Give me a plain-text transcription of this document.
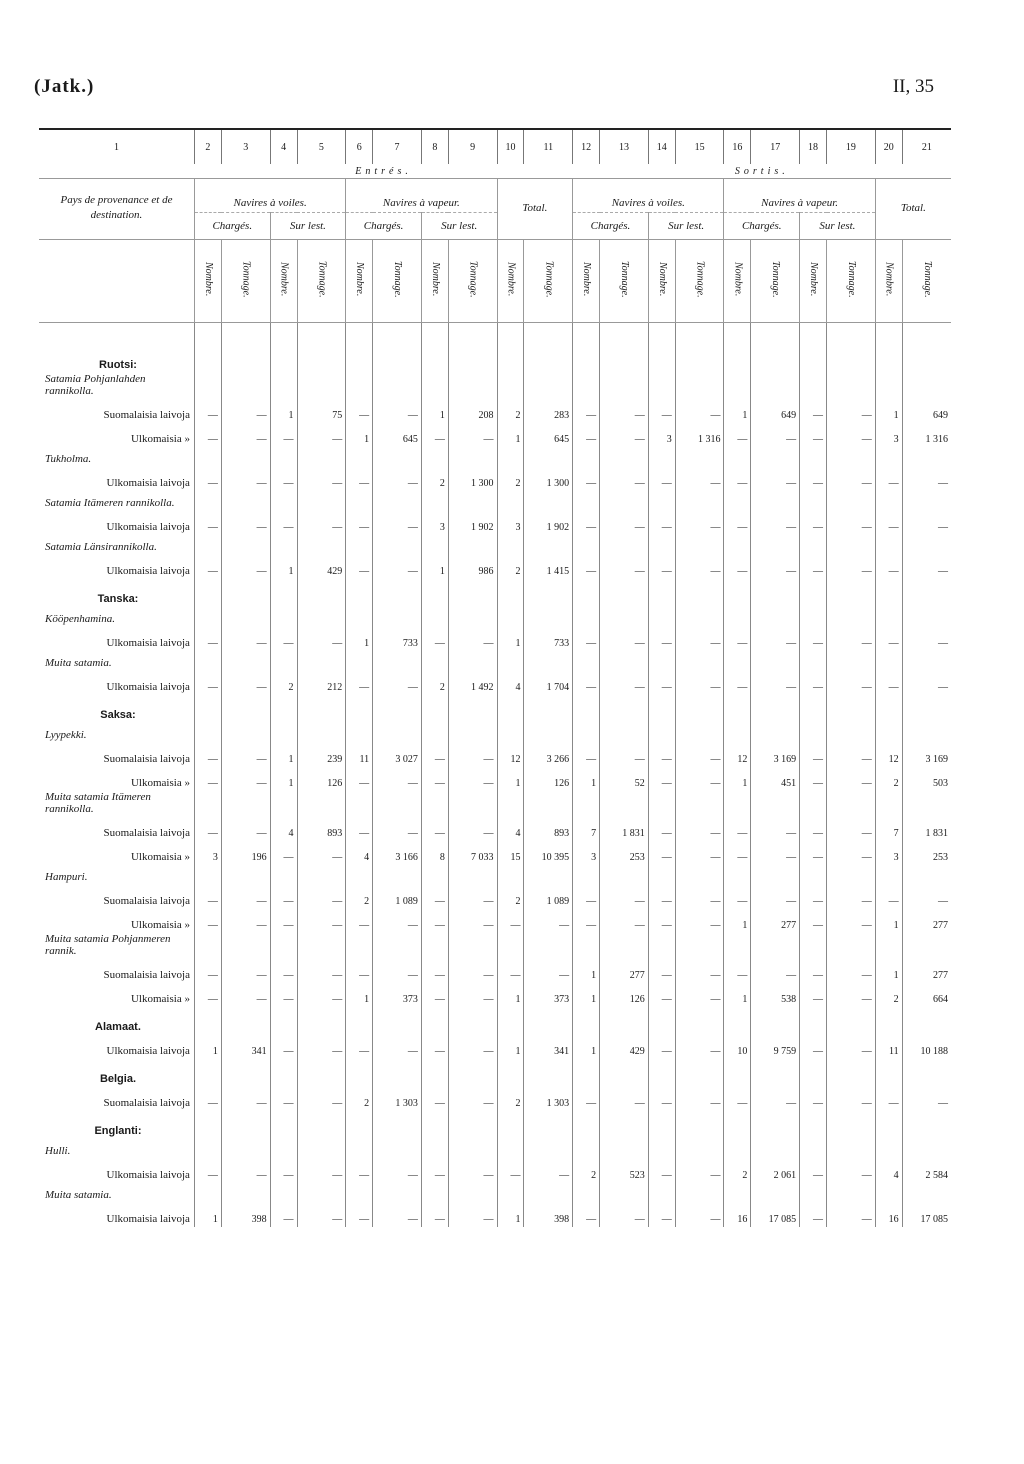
(Jatk.)	II, 35
1	2	3	4	5	6	7	8	9	10	11	12	13	14	15	16	17	18	19	20	21
	Entrés.										Sortis.									
Pays de provenance et de destination.	Navires à voiles.				Navires à vapeur.				Total.		Navires à voiles.				Navires à vapeur.				Total.	
	Chargés.		Sur lest.		Chargés.		Sur lest.				Chargés.		Sur lest.		Chargés.		Sur lest.			
	Nombre.	Tonnage.	Nombre.	Tonnage.	Nombre.	Tonnage.	Nombre.	Tonnage.	Nombre.	Tonnage.	Nombre.	Tonnage.	Nombre.	Tonnage.	Nombre.	Tonnage.	Nombre.	Tonnage.	Nombre.	Tonnage.

Ruotsi:																				
Satamia Pohjanlahden rannikolla.																				
Suomalaisia laivoja	—	—	1	75	—	—	1	208	2	283	—	—	—	—	1	649	—	—	1	649
Ulkomaisia »	—	—	—	—	1	645	—	—	1	645	—	—	3	1 316	—	—	—	—	3	1 316
Tukholma.																				
Ulkomaisia laivoja	—	—	—	—	—	—	2	1 300	2	1 300	—	—	—	—	—	—	—	—	—	—
Satamia Itämeren rannikolla.																				
Ulkomaisia laivoja	—	—	—	—	—	—	3	1 902	3	1 902	—	—	—	—	—	—	—	—	—	—
Satamia Länsirannikolla.																				
Ulkomaisia laivoja	—	—	1	429	—	—	1	986	2	1 415	—	—	—	—	—	—	—	—	—	—
Tanska:																				
Kööpenhamina.																				
Ulkomaisia laivoja	—	—	—	—	1	733	—	—	1	733	—	—	—	—	—	—	—	—	—	—
Muita satamia.																				
Ulkomaisia laivoja	—	—	2	212	—	—	2	1 492	4	1 704	—	—	—	—	—	—	—	—	—	—
Saksa:																				
Lyypekki.																				
Suomalaisia laivoja	—	—	1	239	11	3 027	—	—	12	3 266	—	—	—	—	12	3 169	—	—	12	3 169
Ulkomaisia »	—	—	1	126	—	—	—	—	1	126	1	52	—	—	1	451	—	—	2	503
Muita satamia Itämeren rannikolla.																				
Suomalaisia laivoja	—	—	4	893	—	—	—	—	4	893	7	1 831	—	—	—	—	—	—	7	1 831
Ulkomaisia »	3	196	—	—	4	3 166	8	7 033	15	10 395	3	253	—	—	—	—	—	—	3	253
Hampuri.																				
Suomalaisia laivoja	—	—	—	—	2	1 089	—	—	2	1 089	—	—	—	—	—	—	—	—	—	—
Ulkomaisia »	—	—	—	—	—	—	—	—	—	—	—	—	—	—	1	277	—	—	1	277
Muita satamia Pohjanmeren rannik.																				
Suomalaisia laivoja	—	—	—	—	—	—	—	—	—	—	1	277	—	—	—	—	—	—	1	277
Ulkomaisia »	—	—	—	—	1	373	—	—	1	373	1	126	—	—	1	538	—	—	2	664
Alamaat.																				
Ulkomaisia laivoja	1	341	—	—	—	—	—	—	1	341	1	429	—	—	10	9 759	—	—	11	10 188
Belgia.																				
Suomalaisia laivoja	—	—	—	—	2	1 303	—	—	2	1 303	—	—	—	—	—	—	—	—	—	—
Englanti:																				
Hulli.																				
Ulkomaisia laivoja	—	—	—	—	—	—	—	—	—	—	2	523	—	—	2	2 061	—	—	4	2 584
Muita satamia.																				
Ulkomaisia laivoja	1	398	—	—	—	—	—	—	1	398	—	—	—	—	16	17 085	—	—	16	17 085
